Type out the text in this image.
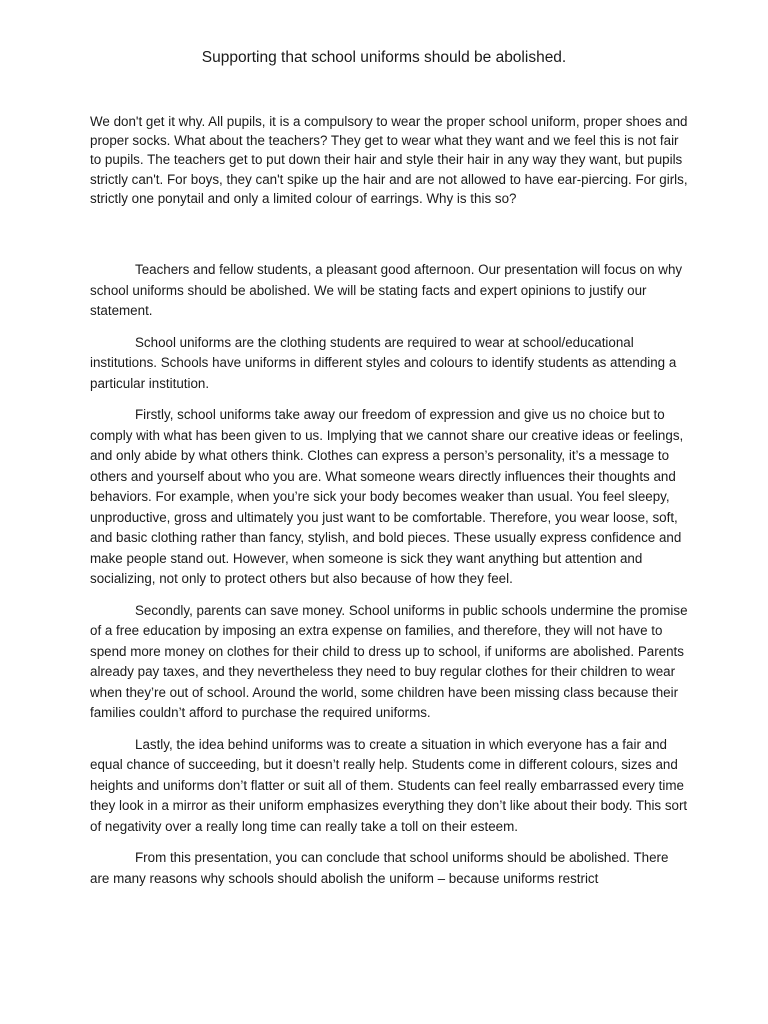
Supporting that school uniforms should be abolished.

We don't get it why. All pupils, it is a compulsory to wear the proper school uniform, proper shoes and proper socks. What about the teachers? They get to wear what they want and we feel this is not fair to pupils. The teachers get to put down their hair and style their hair in any way they want, but pupils strictly can't. For boys, they can't spike up the hair and are not allowed to have ear-piercing. For girls, strictly one ponytail and only a limited colour of earrings. Why is this so?

Teachers and fellow students, a pleasant good afternoon. Our presentation will focus on why school uniforms should be abolished. We will be stating facts and expert opinions to justify our statement.

School uniforms are the clothing students are required to wear at school/educational institutions. Schools have uniforms in different styles and colours to identify students as attending a particular institution.

Firstly, school uniforms take away our freedom of expression and give us no choice but to comply with what has been given to us. Implying that we cannot share our creative ideas or feelings, and only abide by what others think. Clothes can express a person’s personality, it’s a message to others and yourself about who you are. What someone wears directly influences their thoughts and behaviors. For example, when you’re sick your body becomes weaker than usual. You feel sleepy, unproductive, gross and ultimately you just want to be comfortable. Therefore, you wear loose, soft, and basic clothing rather than fancy, stylish, and bold pieces. These usually express confidence and make people stand out. However, when someone is sick they want anything but attention and socializing, not only to protect others but also because of how they feel.

Secondly, parents can save money. School uniforms in public schools undermine the promise of a free education by imposing an extra expense on families, and therefore, they will not have to spend more money on clothes for their child to dress up to school, if uniforms are abolished. Parents already pay taxes, and they nevertheless they need to buy regular clothes for their children to wear when they’re out of school. Around the world, some children have been missing class because their families couldn’t afford to purchase the required uniforms.

Lastly, the idea behind uniforms was to create a situation in which everyone has a fair and equal chance of succeeding, but it doesn’t really help. Students come in different colours, sizes and heights and uniforms don’t flatter or suit all of them. Students can feel really embarrassed every time they look in a mirror as their uniform emphasizes everything they don’t like about their body. This sort of negativity over a really long time can really take a toll on their esteem.

From this presentation, you can conclude that school uniforms should be abolished. There are many reasons why schools should abolish the uniform – because uniforms restrict
